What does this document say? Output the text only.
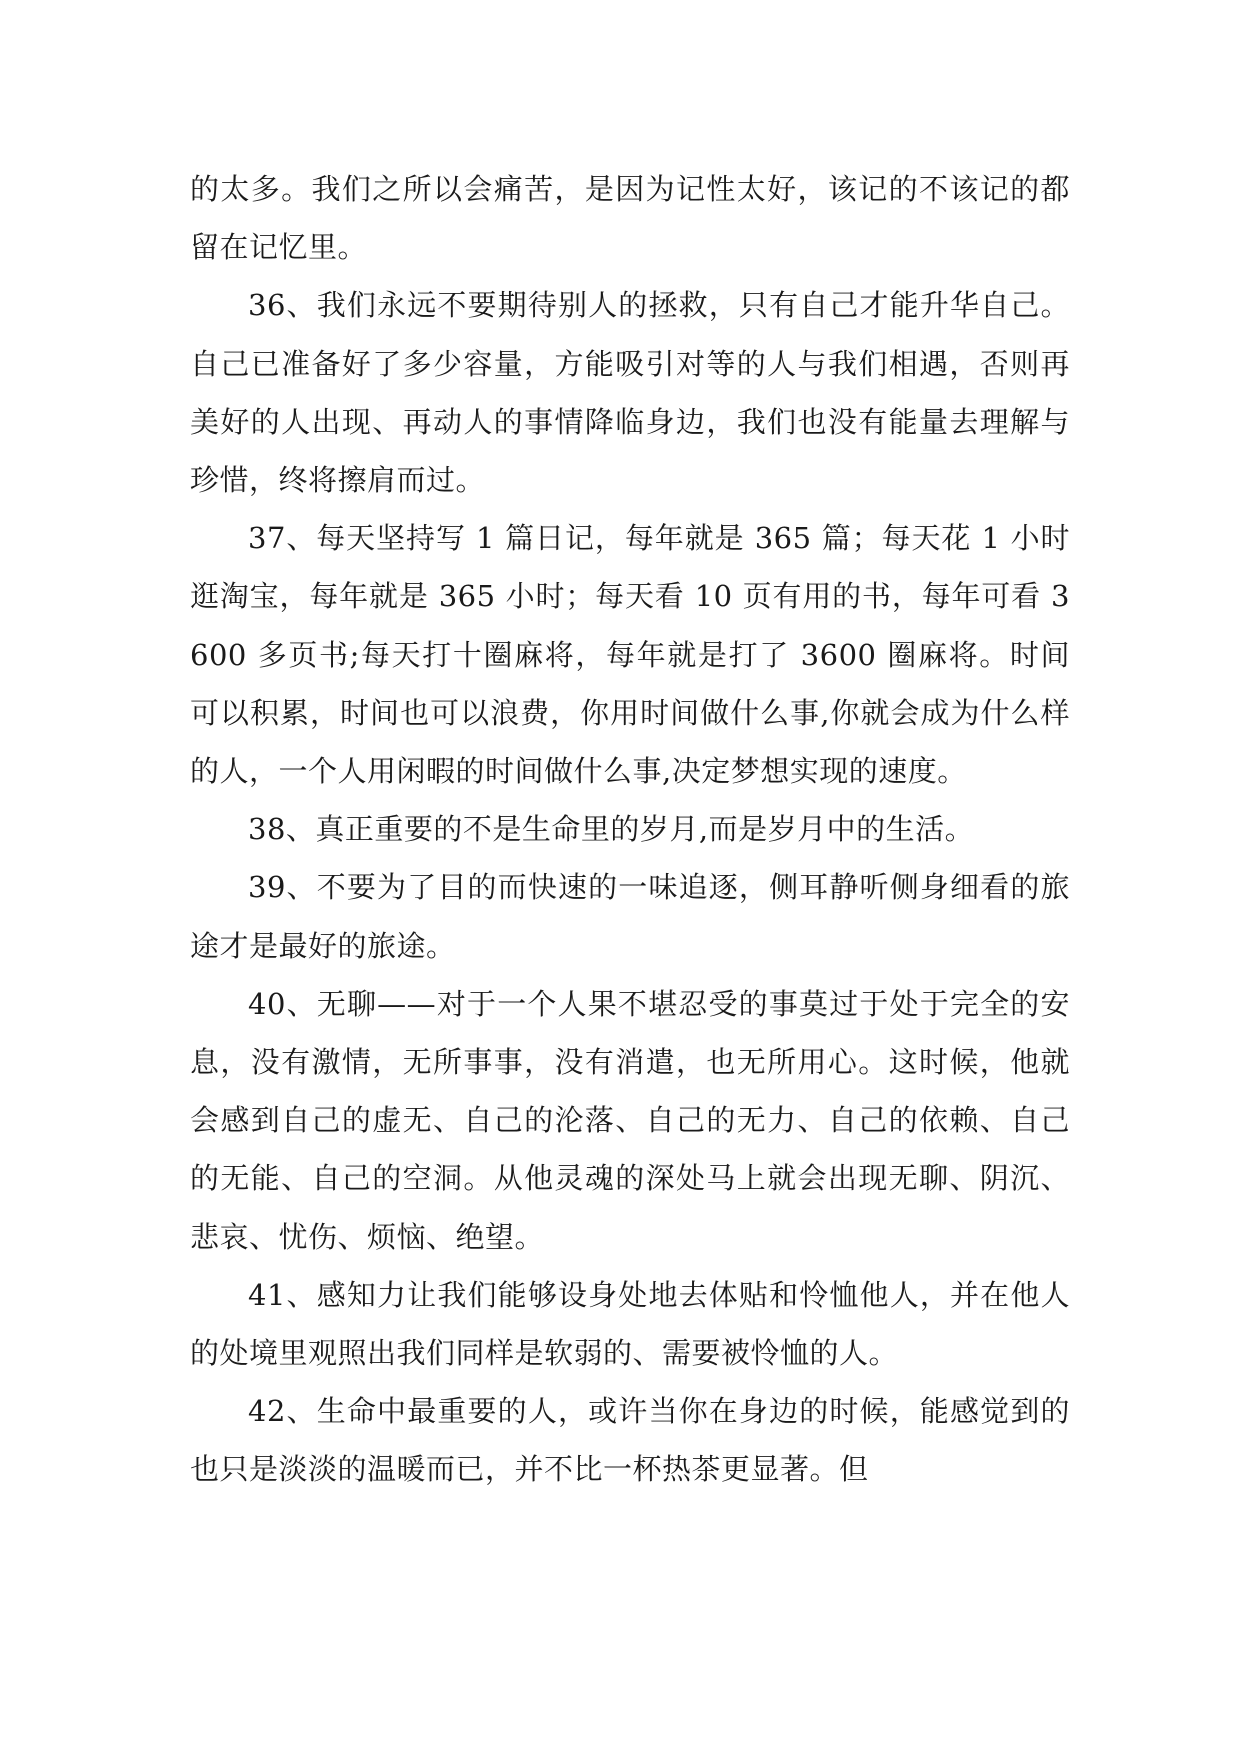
的太多。我们之所以会痛苦，是因为记性太好，该记的不该记的都留在记忆里。

36、我们永远不要期待别人的拯救，只有自己才能升华自己。自己已准备好了多少容量，方能吸引对等的人与我们相遇，否则再美好的人出现、再动人的事情降临身边，我们也没有能量去理解与珍惜，终将擦肩而过。

37、每天坚持写 1 篇日记，每年就是 365 篇；每天花 1 小时逛淘宝，每年就是 365 小时；每天看 10 页有用的书，每年可看 3600 多页书;每天打十圈麻将，每年就是打了 3600 圈麻将。时间可以积累，时间也可以浪费，你用时间做什么事,你就会成为什么样的人，一个人用闲暇的时间做什么事,决定梦想实现的速度。

38、真正重要的不是生命里的岁月,而是岁月中的生活。

39、不要为了目的而快速的一味追逐，侧耳静听侧身细看的旅途才是最好的旅途。

40、无聊——对于一个人果不堪忍受的事莫过于处于完全的安息，没有激情，无所事事，没有消遣，也无所用心。这时候，他就会感到自己的虚无、自己的沦落、自己的无力、自己的依赖、自己的无能、自己的空洞。从他灵魂的深处马上就会出现无聊、阴沉、悲哀、忧伤、烦恼、绝望。

41、感知力让我们能够设身处地去体贴和怜恤他人，并在他人的处境里观照出我们同样是软弱的、需要被怜恤的人。

42、生命中最重要的人，或许当你在身边的时候，能感觉到的也只是淡淡的温暖而已，并不比一杯热茶更显著。但
